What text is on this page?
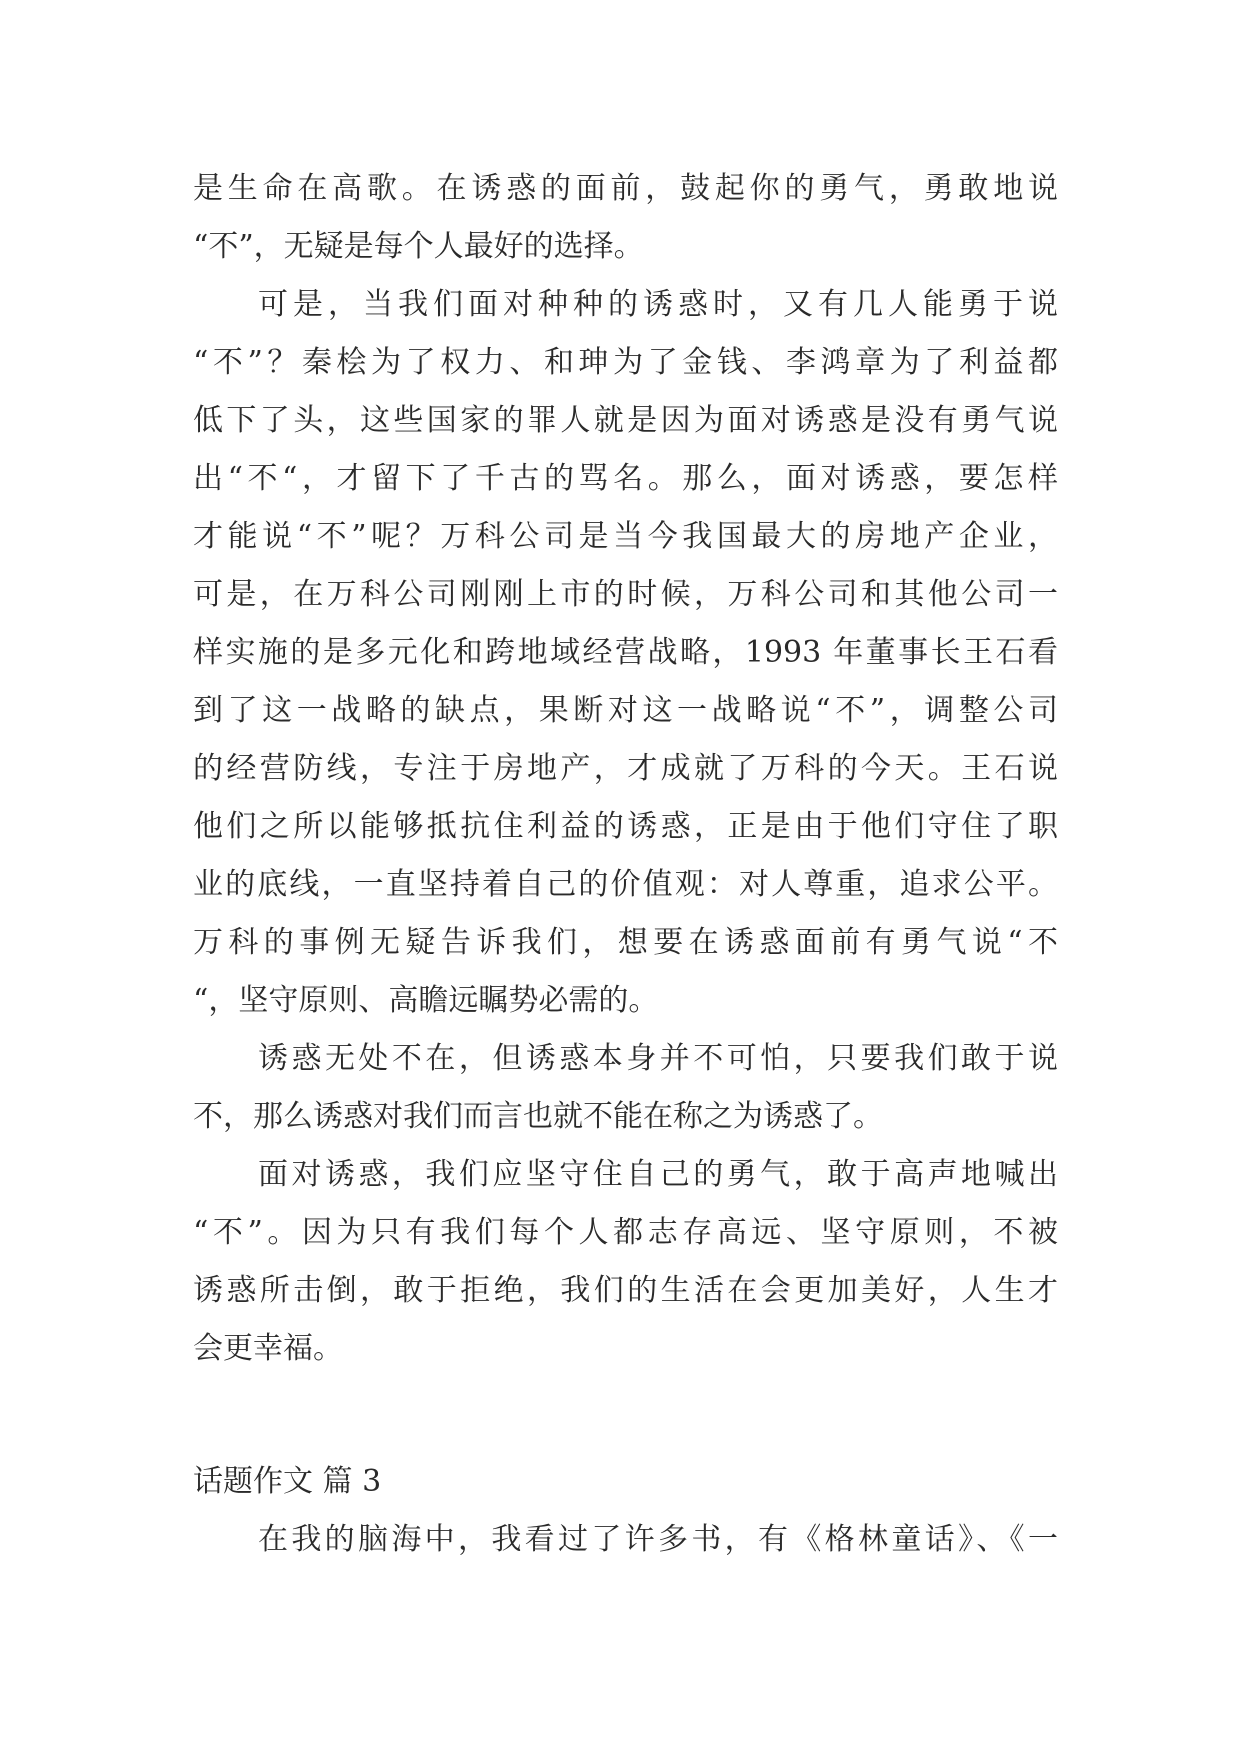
是生命在高歌。在诱惑的面前，鼓起你的勇气，勇敢地说
“不”，无疑是每个人最好的选择。
可是，当我们面对种种的诱惑时，又有几人能勇于说
“不”？秦桧为了权力、和珅为了金钱、李鸿章为了利益都
低下了头，这些国家的罪人就是因为面对诱惑是没有勇气说
出“不“，才留下了千古的骂名。那么，面对诱惑，要怎样
才能说“不”呢？万科公司是当今我国最大的房地产企业，
可是，在万科公司刚刚上市的时候，万科公司和其他公司一
样实施的是多元化和跨地域经营战略，1993 年董事长王石看
到了这一战略的缺点，果断对这一战略说“不”，调整公司
的经营防线，专注于房地产，才成就了万科的今天。王石说
他们之所以能够抵抗住利益的诱惑，正是由于他们守住了职
业的底线，一直坚持着自己的价值观：对人尊重，追求公平。
万科的事例无疑告诉我们，想要在诱惑面前有勇气说“不
“，坚守原则、高瞻远瞩势必需的。
诱惑无处不在，但诱惑本身并不可怕，只要我们敢于说
不，那么诱惑对我们而言也就不能在称之为诱惑了。
面对诱惑，我们应坚守住自己的勇气，敢于高声地喊出
“不”。因为只有我们每个人都志存高远、坚守原则，不被
诱惑所击倒，敢于拒绝，我们的生活在会更加美好，人生才
会更幸福。
话题作文 篇 3
在我的脑海中，我看过了许多书，有《格林童话》、《一
